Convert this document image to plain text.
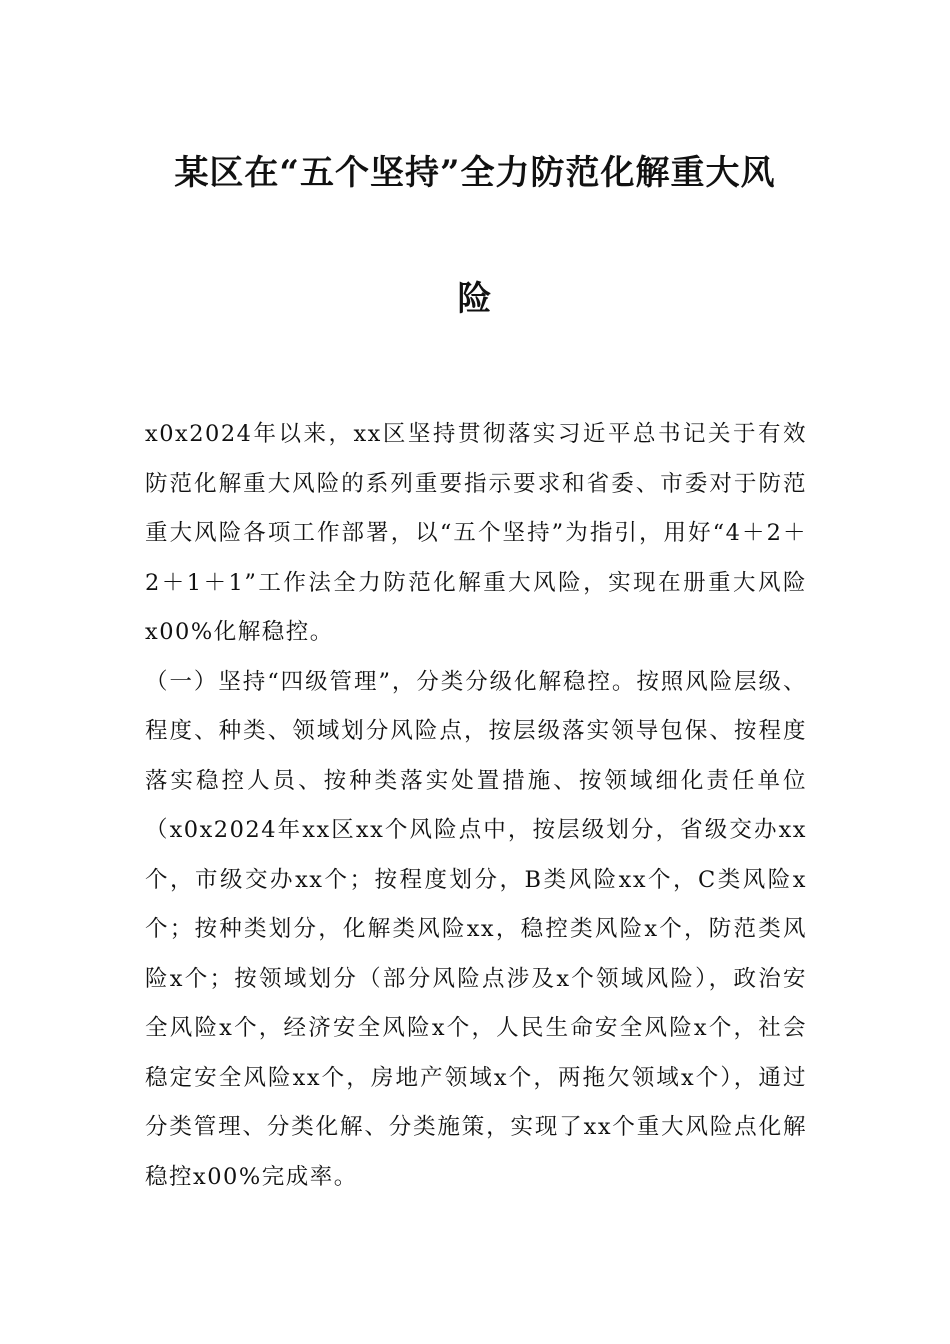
某区在“五个坚持”全力防范化解重大风
险

x0x2024年以来，xx区坚持贯彻落实习近平总书记关于有效防范化解重大风险的系列重要指示要求和省委、市委对于防范重大风险各项工作部署，以“五个坚持”为指引，用好“4＋2＋2＋1＋1”工作法全力防范化解重大风险，实现在册重大风险x00%化解稳控。

（一）坚持“四级管理”，分类分级化解稳控。按照风险层级、程度、种类、领域划分风险点，按层级落实领导包保、按程度落实稳控人员、按种类落实处置措施、按领域细化责任单位（x0x2024年xx区xx个风险点中，按层级划分，省级交办xx个，市级交办xx个；按程度划分，B类风险xx个，C类风险x个；按种类划分，化解类风险xx，稳控类风险x个，防范类风险x个；按领域划分（部分风险点涉及x个领域风险），政治安全风险x个，经济安全风险x个，人民生命安全风险x个，社会稳定安全风险xx个，房地产领域x个，两拖欠领域x个），通过分类管理、分类化解、分类施策，实现了xx个重大风险点化解稳控x00%完成率。
